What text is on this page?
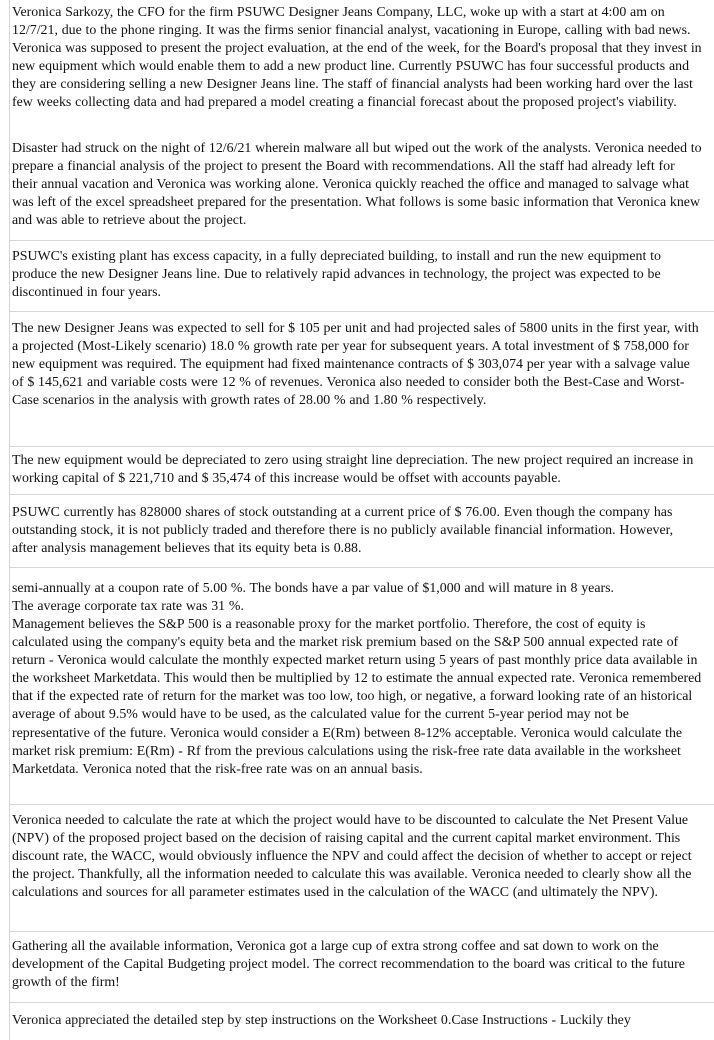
Veronica Sarkozy, the CFO for the firm PSUWC Designer Jeans Company, LLC, woke up with a start at 4:00 am on 12/7/21, due to the phone ringing. It was the firms senior financial analyst, vacationing in Europe, calling with bad news. Veronica was supposed to present the project evaluation, at the end of the week, for the Board's proposal that they invest in new equipment which would enable them to add a new product line. Currently PSUWC has four successful products and they are considering selling a new Designer Jeans line. The staff of financial analysts had been working hard over the last few weeks collecting data and had prepared a model creating a financial forecast about the proposed project's viability.

Disaster had struck on the night of 12/6/21 wherein malware all but wiped out the work of the analysts. Veronica needed to prepare a financial analysis of the project to present the Board with recommendations. All the staff had already left for their annual vacation and Veronica was working alone. Veronica quickly reached the office and managed to salvage what was left of the excel spreadsheet prepared for the presentation. What follows is some basic information that Veronica knew and was able to retrieve about the project.

PSUWC's existing plant has excess capacity, in a fully depreciated building, to install and run the new equipment to produce the new Designer Jeans line. Due to relatively rapid advances in technology, the project was expected to be discontinued in four years.

The new Designer Jeans was expected to sell for $ 105 per unit and had projected sales of 5800 units in the first year, with a projected (Most-Likely scenario) 18.0 % growth rate per year for subsequent years. A total investment of $ 758,000 for new equipment was required. The equipment had fixed maintenance contracts of $ 303,074 per year with a salvage value of $ 145,621 and variable costs were 12 % of revenues. Veronica also needed to consider both the Best-Case and Worst-Case scenarios in the analysis with growth rates of 28.00 % and 1.80 % respectively.

The new equipment would be depreciated to zero using straight line depreciation. The new project required an increase in working capital of $ 221,710 and $ 35,474 of this increase would be offset with accounts payable.

PSUWC currently has 828000 shares of stock outstanding at a current price of $ 76.00. Even though the company has outstanding stock, it is not publicly traded and therefore there is no publicly available financial information. However, after analysis management believes that its equity beta is 0.88.

semi-annually at a coupon rate of 5.00 %. The bonds have a par value of $1,000 and will mature in 8 years.

The average corporate tax rate was 31 %.

Management believes the S&P 500 is a reasonable proxy for the market portfolio. Therefore, the cost of equity is calculated using the company's equity beta and the market risk premium based on the S&P 500 annual expected rate of return - Veronica would calculate the monthly expected market return using 5 years of past monthly price data available in the worksheet Marketdata. This would then be multiplied by 12 to estimate the annual expected rate. Veronica remembered that if the expected rate of return for the market was too low, too high, or negative, a forward looking rate of an historical average of about 9.5% would have to be used, as the calculated value for the current 5-year period may not be representative of the future. Veronica would consider a E(Rm) between 8-12% acceptable. Veronica would calculate the market risk premium: E(Rm) - Rf from the previous calculations using the risk-free rate data available in the worksheet Marketdata. Veronica noted that the risk-free rate was on an annual basis.

Veronica needed to calculate the rate at which the project would have to be discounted to calculate the Net Present Value (NPV) of the proposed project based on the decision of raising capital and the current capital market environment. This discount rate, the WACC, would obviously influence the NPV and could affect the decision of whether to accept or reject the project. Thankfully, all the information needed to calculate this was available. Veronica needed to clearly show all the calculations and sources for all parameter estimates used in the calculation of the WACC (and ultimately the NPV).

Gathering all the available information, Veronica got a large cup of extra strong coffee and sat down to work on the development of the Capital Budgeting project model. The correct recommendation to the board was critical to the future growth of the firm!

Veronica appreciated the detailed step by step instructions on the Worksheet 0.Case Instructions - Luckily they
